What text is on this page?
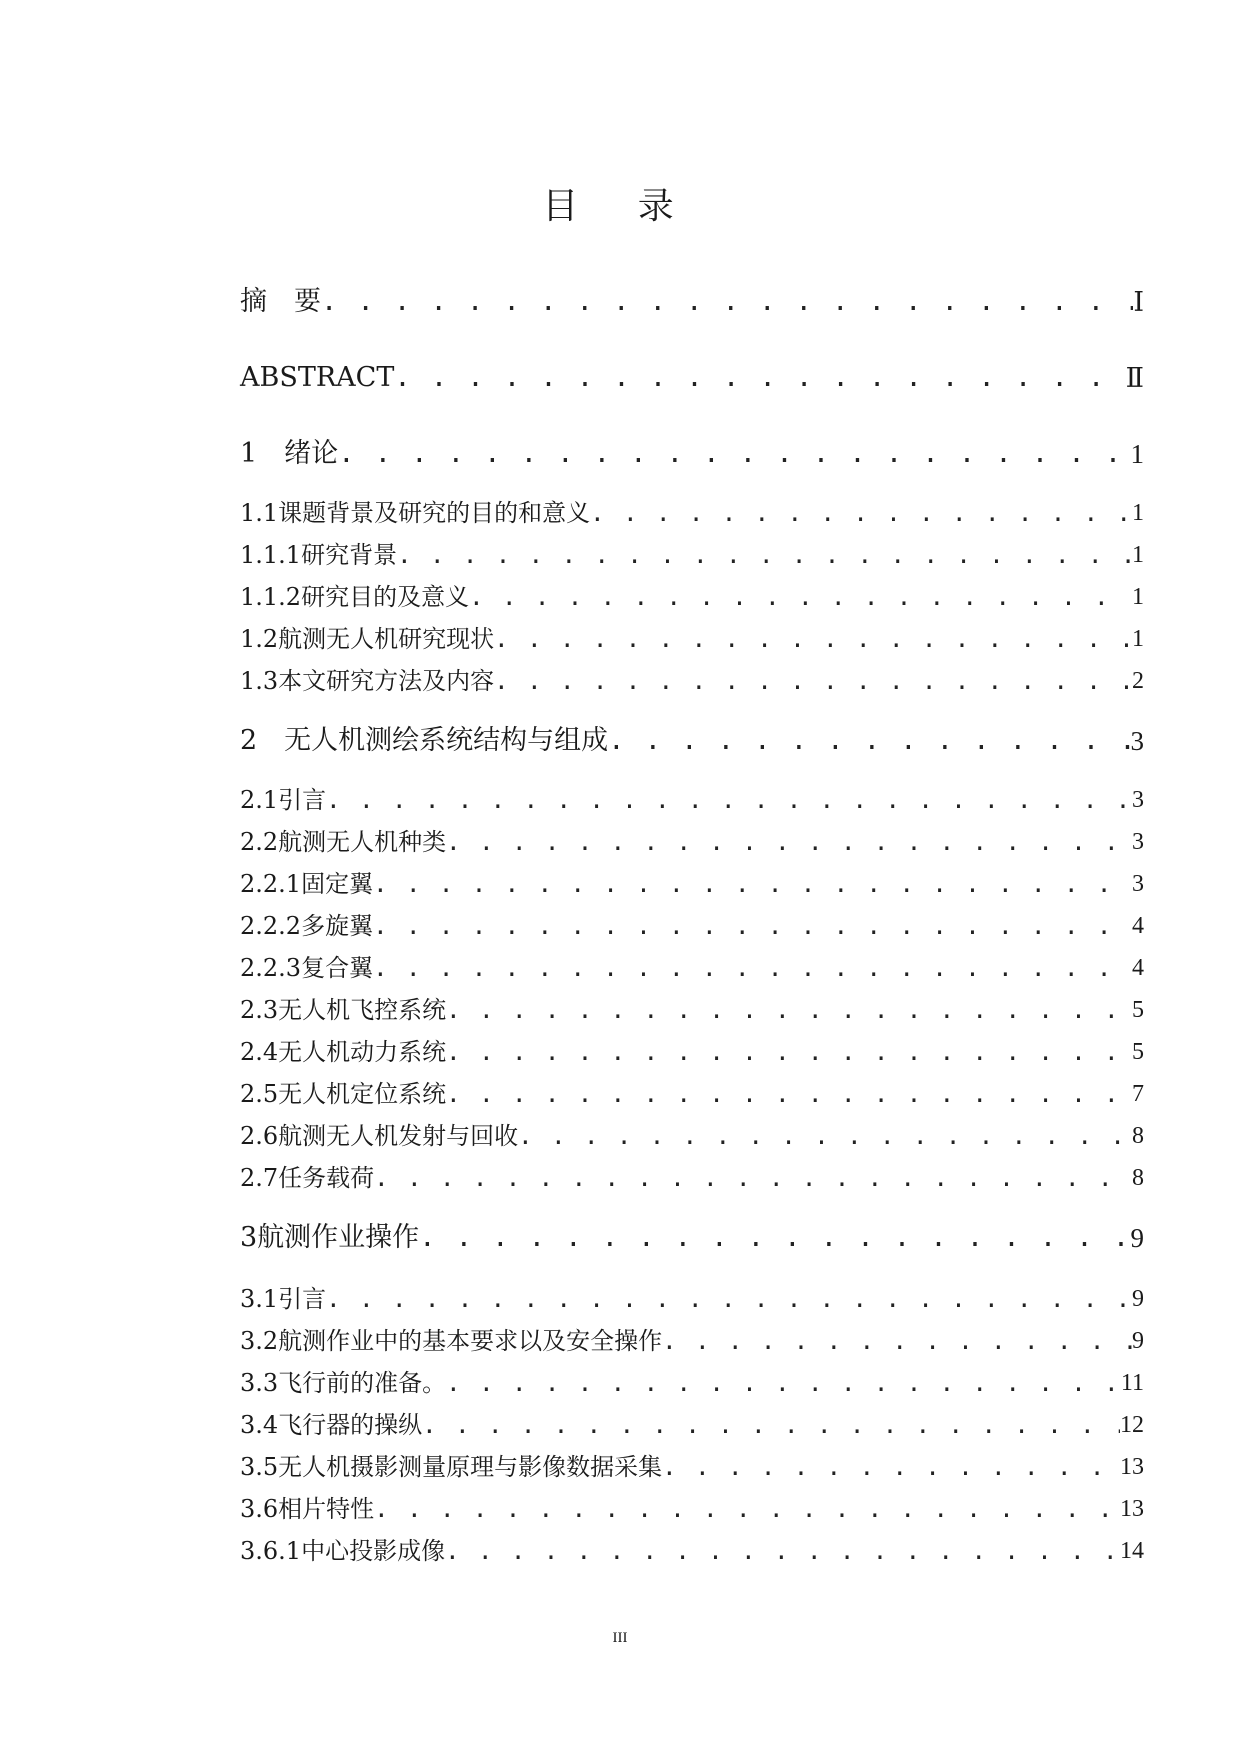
目 录
摘　要 . . .	Ⅰ
ABSTRACT . . .	Ⅱ
1　绪论 . . .	1
1.1课题背景及研究的目的和意义 . . .	1
1.1.1研究背景 . . .	1
1.1.2研究目的及意义 . . .	1
1.2航测无人机研究现状 . . .	1
1.3本文研究方法及内容 . . .	2
2　无人机测绘系统结构与组成 . . .	3
2.1引言 . . .	3
2.2航测无人机种类 . . .	3
2.2.1固定翼 . . .	3
2.2.2多旋翼 . . .	4
2.2.3复合翼 . . .	4
2.3无人机飞控系统 . . .	5
2.4无人机动力系统 . . .	5
2.5无人机定位系统 . . .	7
2.6航测无人机发射与回收 . . .	8
2.7任务载荷 . . .	8
3航测作业操作 . . .	9
3.1引言 . . .	9
3.2航测作业中的基本要求以及安全操作 . . .	9
3.3飞行前的准备。 . . .	11
3.4飞行器的操纵 . . .	12
3.5无人机摄影测量原理与影像数据采集 . . .	13
3.6相片特性 . . .	13
3.6.1中心投影成像 . . .	14
III
